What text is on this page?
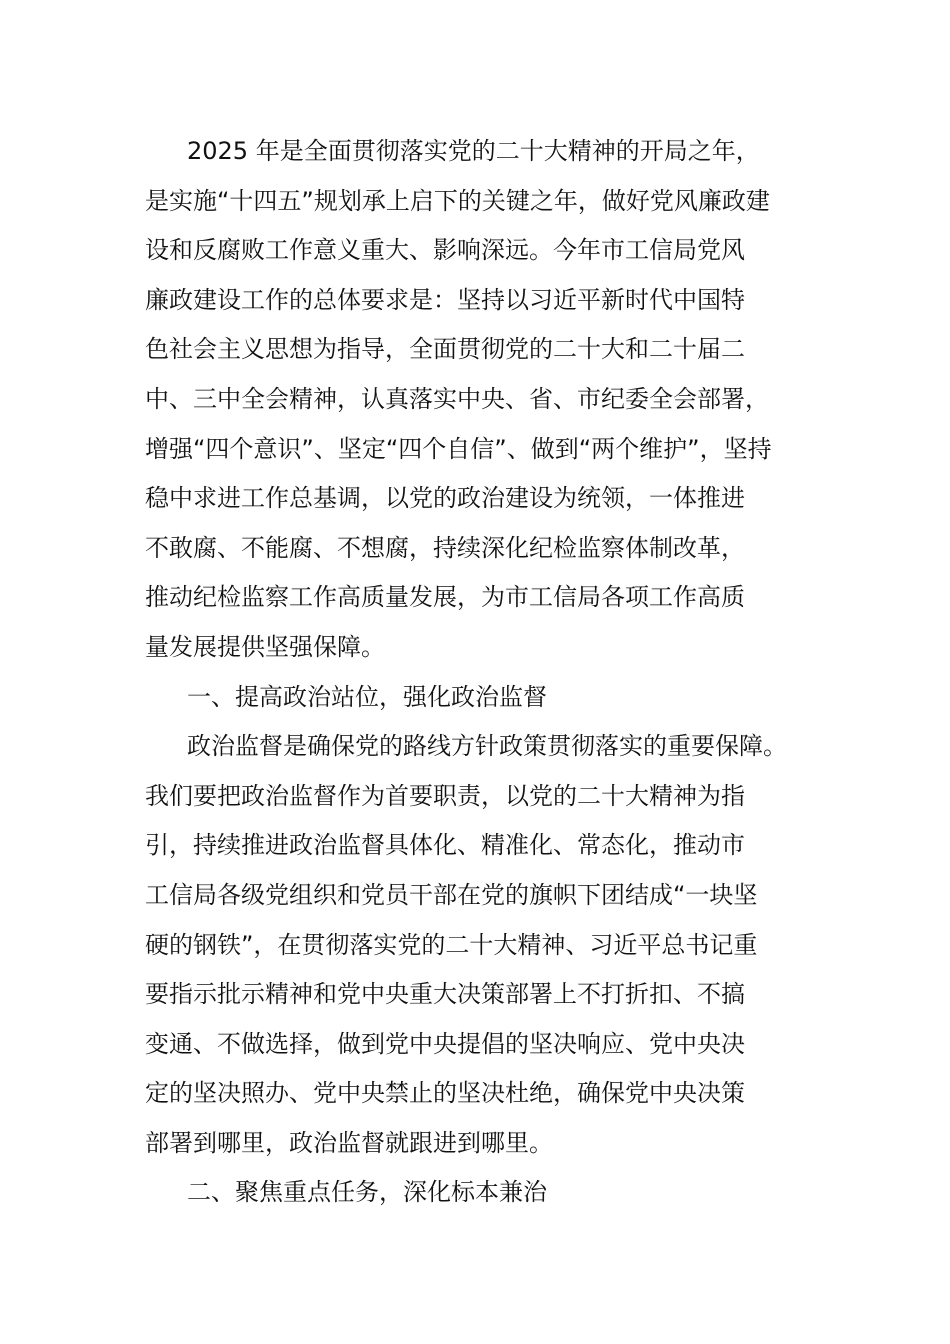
2025 年是全面贯彻落实党的二十大精神的开局之年，
是实施“十四五”规划承上启下的关键之年，做好党风廉政建
设和反腐败工作意义重大、影响深远。今年市工信局党风
廉政建设工作的总体要求是：坚持以习近平新时代中国特
色社会主义思想为指导，全面贯彻党的二十大和二十届二
中、三中全会精神，认真落实中央、省、市纪委全会部署，
增强“四个意识”、坚定“四个自信”、做到“两个维护”，坚持
稳中求进工作总基调，以党的政治建设为统领，一体推进
不敢腐、不能腐、不想腐，持续深化纪检监察体制改革，
推动纪检监察工作高质量发展，为市工信局各项工作高质
量发展提供坚强保障。
一、提高政治站位，强化政治监督
政治监督是确保党的路线方针政策贯彻落实的重要保障。
我们要把政治监督作为首要职责，以党的二十大精神为指
引，持续推进政治监督具体化、精准化、常态化，推动市
工信局各级党组织和党员干部在党的旗帜下团结成“一块坚
硬的钢铁”，在贯彻落实党的二十大精神、习近平总书记重
要指示批示精神和党中央重大决策部署上不打折扣、不搞
变通、不做选择，做到党中央提倡的坚决响应、党中央决
定的坚决照办、党中央禁止的坚决杜绝，确保党中央决策
部署到哪里，政治监督就跟进到哪里。
二、聚焦重点任务，深化标本兼治
